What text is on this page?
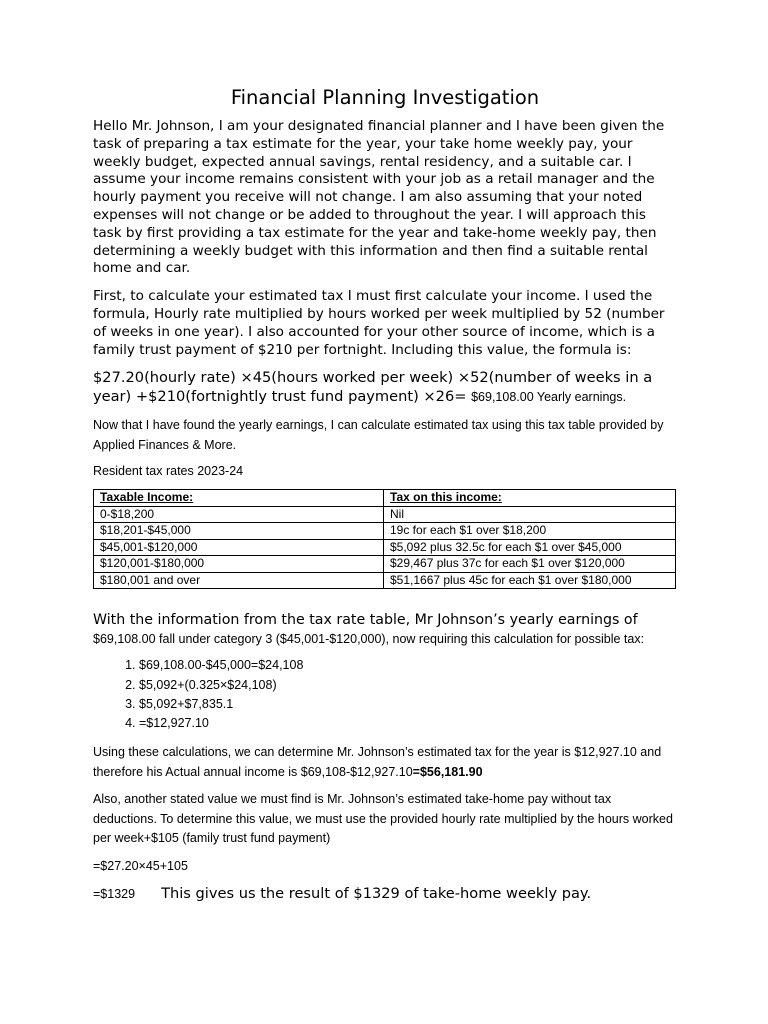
Financial Planning Investigation

Hello Mr. Johnson, I am your designated financial planner and I have been given the task of preparing a tax estimate for the year, your take home weekly pay, your weekly budget, expected annual savings, rental residency, and a suitable car. I assume your income remains consistent with your job as a retail manager and the hourly payment you receive will not change. I am also assuming that your noted expenses will not change or be added to throughout the year. I will approach this task by first providing a tax estimate for the year and take-home weekly pay, then determining a weekly budget with this information and then find a suitable rental home and car.

First, to calculate your estimated tax I must first calculate your income. I used the formula, Hourly rate multiplied by hours worked per week multiplied by 52 (number of weeks in one year). I also accounted for your other source of income, which is a family trust payment of $210 per fortnight. Including this value, the formula is:

$27.20(hourly rate) ×45(hours worked per week) ×52(number of weeks in a year) +$210(fortnightly trust fund payment) ×26= $69,108.00 Yearly earnings.

Now that I have found the yearly earnings, I can calculate estimated tax using this tax table provided by Applied Finances & More.

Resident tax rates 2023-24

Taxable Income:	Tax on this income:
0-$18,200	Nil
$18,201-$45,000	19c for each $1 over $18,200
$45,001-$120,000	$5,092 plus 32.5c for each $1 over $45,000
$120,001-$180,000	$29,467 plus 37c for each $1 over $120,000
$180,001 and over	$51,1667 plus 45c for each $1 over $180,000

With the information from the tax rate table, Mr Johnson’s yearly earnings of

$69,108.00 fall under category 3 ($45,001-$120,000), now requiring this calculation for possible tax:

1. $69,108.00-$45,000=$24,108
2. $5,092+(0.325×$24,108)
3. $5,092+$7,835.1
4. =$12,927.10

Using these calculations, we can determine Mr. Johnson’s estimated tax for the year is $12,927.10 and therefore his Actual annual income is $69,108-$12,927.10=$56,181.90

Also, another stated value we must find is Mr. Johnson’s estimated take-home pay without tax deductions. To determine this value, we must use the provided hourly rate multiplied by the hours worked per week+$105 (family trust fund payment)

=$27.20×45+105

=$1329 This gives us the result of $1329 of take-home weekly pay.
